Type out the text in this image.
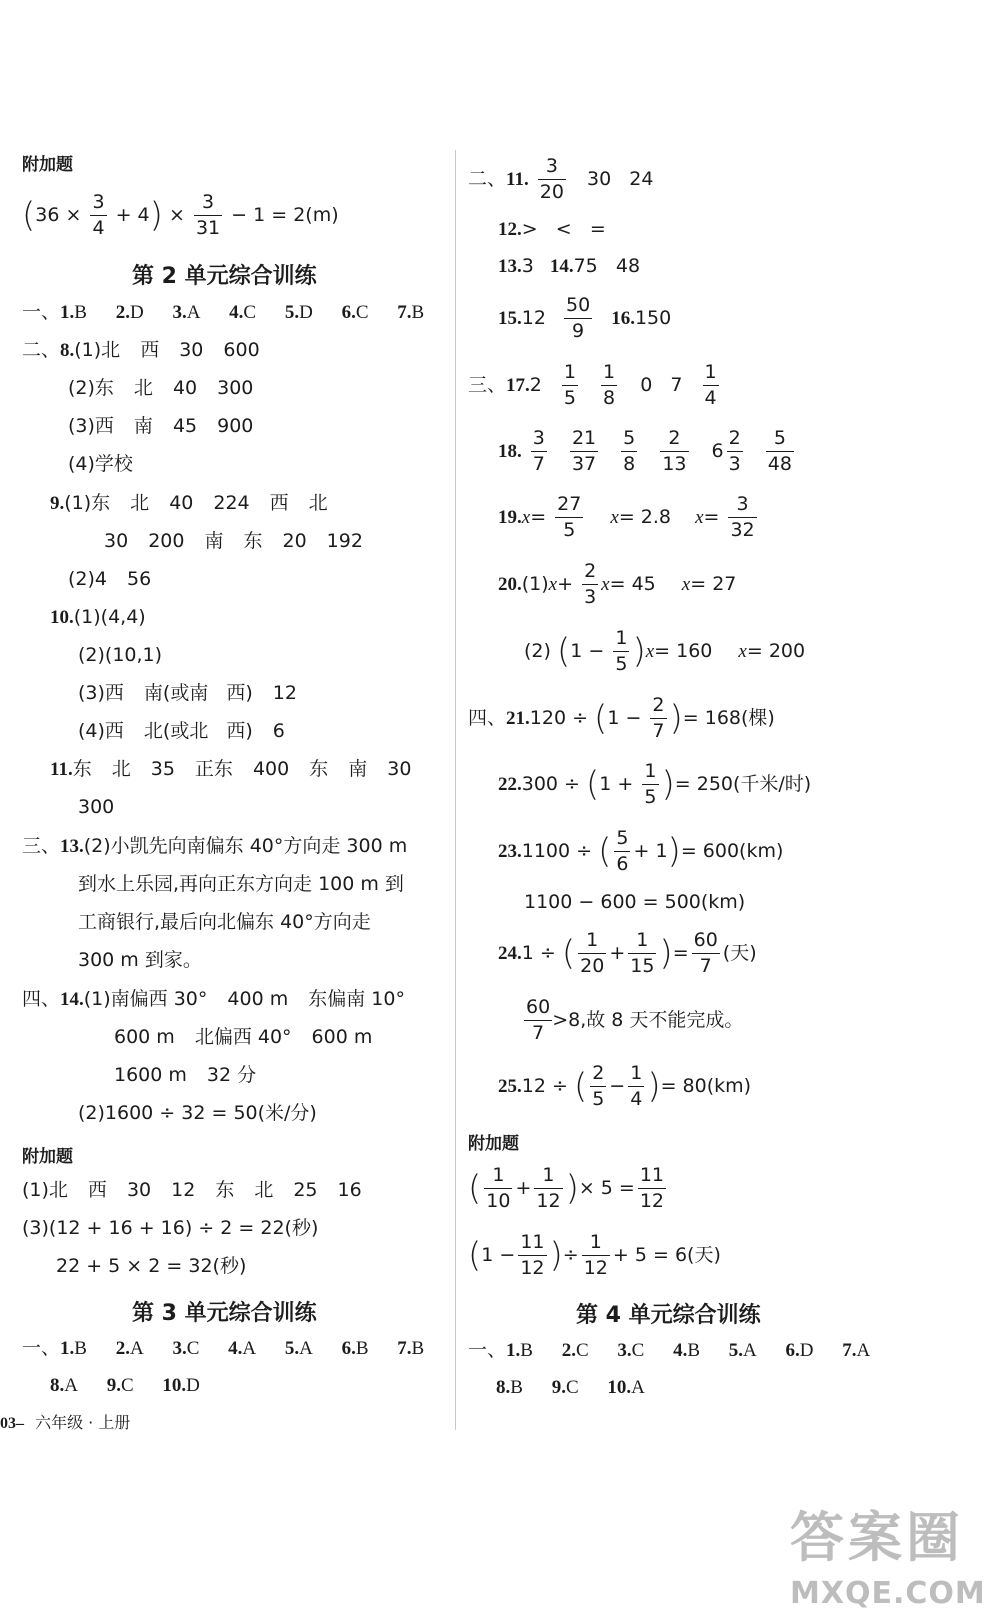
附加题
$(36 \times \frac{3}{4} + 4) \times \frac{3}{31} - 1 = 2(m)$
第 2 单元综合训练
一、1.B 2.D 3.A 4.C 5.D 6.C 7.B
二、8.(1)北 西 30 600
(2)东 北 40 300
(3)西 南 45 900
(4)学校
9.(1)东 北 40 224 西 北
30 200 南 东 20 192
(2)4 56
10.(1)(4,4)
(2)(10,1)
(3)西 南(或南 西) 12
(4)西 北(或北 西) 6
11.东 北 35 正东 400 东 南 30
300
三、13.(2)小凯先向南偏东 40°方向走 300 m
到水上乐园,再向正东方向走 100 m 到
工商银行,最后向北偏东 40°方向走
300 m 到家。
四、14.(1)南偏西 30° 400 m 东偏南 10°
600 m 北偏西 40° 600 m
1600 m 32 分
(2)1600 ÷ 32 = 50(米/分)
附加题
(1)北 西 30 12 东 北 25 16
(3)(12 + 16 + 16) ÷ 2 = 22(秒)
22 + 5 × 2 = 32(秒)
第 3 单元综合训练
一、1.B 2.A 3.C 4.A 5.A 6.B 7.B
8.A 9.C 10.D
03– 六年级 · 上册
二、11. $\frac{3}{20} 30$   24
12.>   <   =
13.3 14.75   48
$15.12 \frac{50}{9} 16.150$
三、$17.2 \frac{1}{5}$
$\frac{1}{8} 0$   $7 \frac{1}{4}$
18. $\frac{3}{7}$
$\frac{21}{37}$
$\frac{5}{8}$
$\frac{2}{13} 6 \frac{2}{3}$
$\frac{5}{48}$
$19.x= \frac{27}{5} x= 2.8$ $x= \frac{3}{32}$
$20.(1)x+ \frac{2}{3} x= 45$ x= 27
(2) $(1 - \frac{1}{5} )x= 160$ x= 200
四、$21.120 \div (1 - \frac{2}{7}$ )= 168(棵)
$22.300 \div (1 + \frac{1}{5}$ )= 250(千米/时)
23.1100 ÷ ( $\frac{5}{6} + 1)= 600(km)$
1100 − 600 = 500(km)
24.1 ÷ ( $\frac{1}{20} + \frac{1}{15}$ )= $\frac{60}{7}$ (天)
$\frac{60}{7} >8$,故 8 天不能完成。
25.12 ÷ ( $\frac{2}{5} - \frac{1}{4}$ )= 80(km)
附加题
( $\frac{1}{10} + \frac{1}{12}$ )× $5 = \frac{11}{12}$
($1 - \frac{11}{12}$ )÷ $\frac{1}{12} + 5 = 6$(天)
第 4 单元综合训练
一、1.B 2.C 3.C 4.B 5.A 6.D 7.A
8.B 9.C 10.A
答案圈
MXQE.COM
